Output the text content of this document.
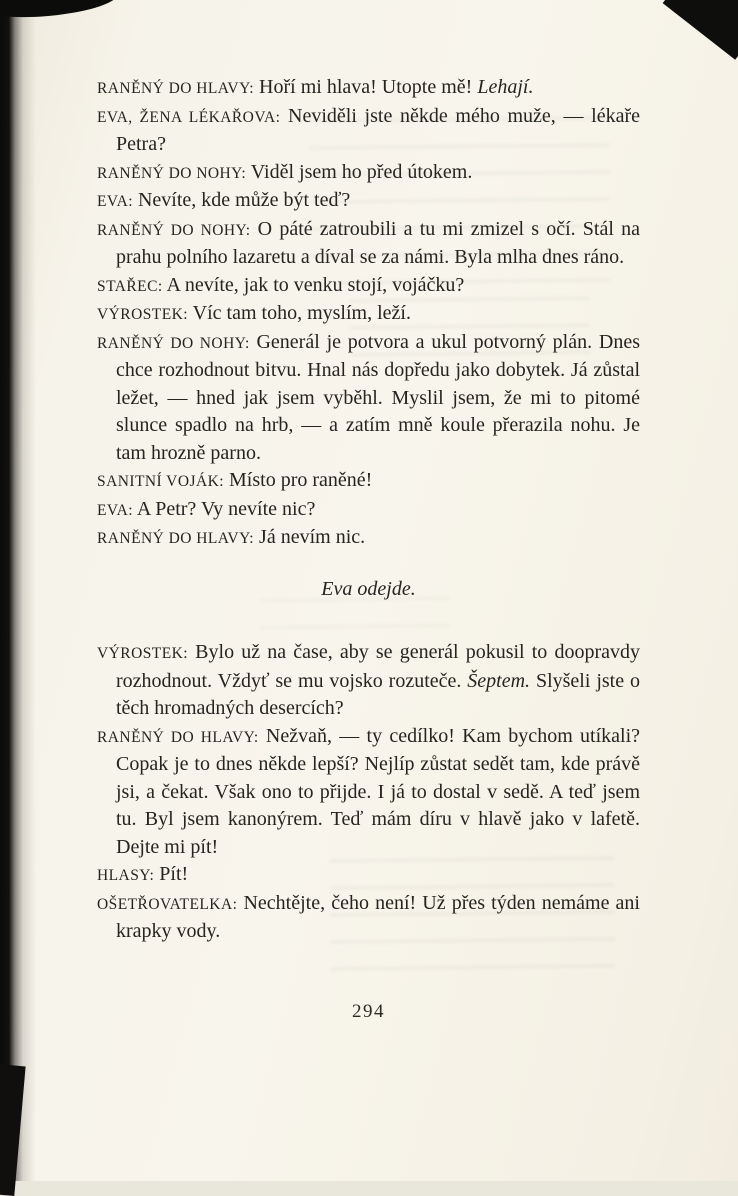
RANĚNÝ DO HLAVY: Hoří mi hlava! Utopte mě! Lehají.

EVA, ŽENA LÉKAŘOVA: Neviděli jste někde mého muže, — lékaře Petra?

RANĚNÝ DO NOHY: Viděl jsem ho před útokem.

EVA: Nevíte, kde může být teď?

RANĚNÝ DO NOHY: O páté zatroubili a tu mi zmizel s očí. Stál na prahu polního lazaretu a díval se za námi. Byla mlha dnes ráno.

STAŘEC: A nevíte, jak to venku stojí, vojáčku?

VÝROSTEK: Víc tam toho, myslím, leží.

RANĚNÝ DO NOHY: Generál je potvora a ukul potvorný plán. Dnes chce rozhodnout bitvu. Hnal nás dopředu jako dobytek. Já zůstal ležet, — hned jak jsem vyběhl. Myslil jsem, že mi to pitomé slunce spadlo na hrb, — a zatím mně koule přerazila nohu. Je tam hrozně parno.

SANITNÍ VOJÁK: Místo pro raněné!

EVA: A Petr? Vy nevíte nic?

RANĚNÝ DO HLAVY: Já nevím nic.

Eva odejde.

VÝROSTEK: Bylo už na čase, aby se generál pokusil to doopravdy rozhodnout. Vždyť se mu vojsko rozuteče. Šeptem. Slyšeli jste o těch hromadných desercích?

RANĚNÝ DO HLAVY: Nežvaň, — ty cedílko! Kam bychom utíkali? Copak je to dnes někde lepší? Nejlíp zůstat sedět tam, kde právě jsi, a čekat. Však ono to přijde. I já to dostal v sedě. A teď jsem tu. Byl jsem kanonýrem. Teď mám díru v hlavě jako v lafetě. Dejte mi pít!

HLASY: Pít!

OŠETŘOVATELKA: Nechtějte, čeho není! Už přes týden nemáme ani krapky vody.

294
